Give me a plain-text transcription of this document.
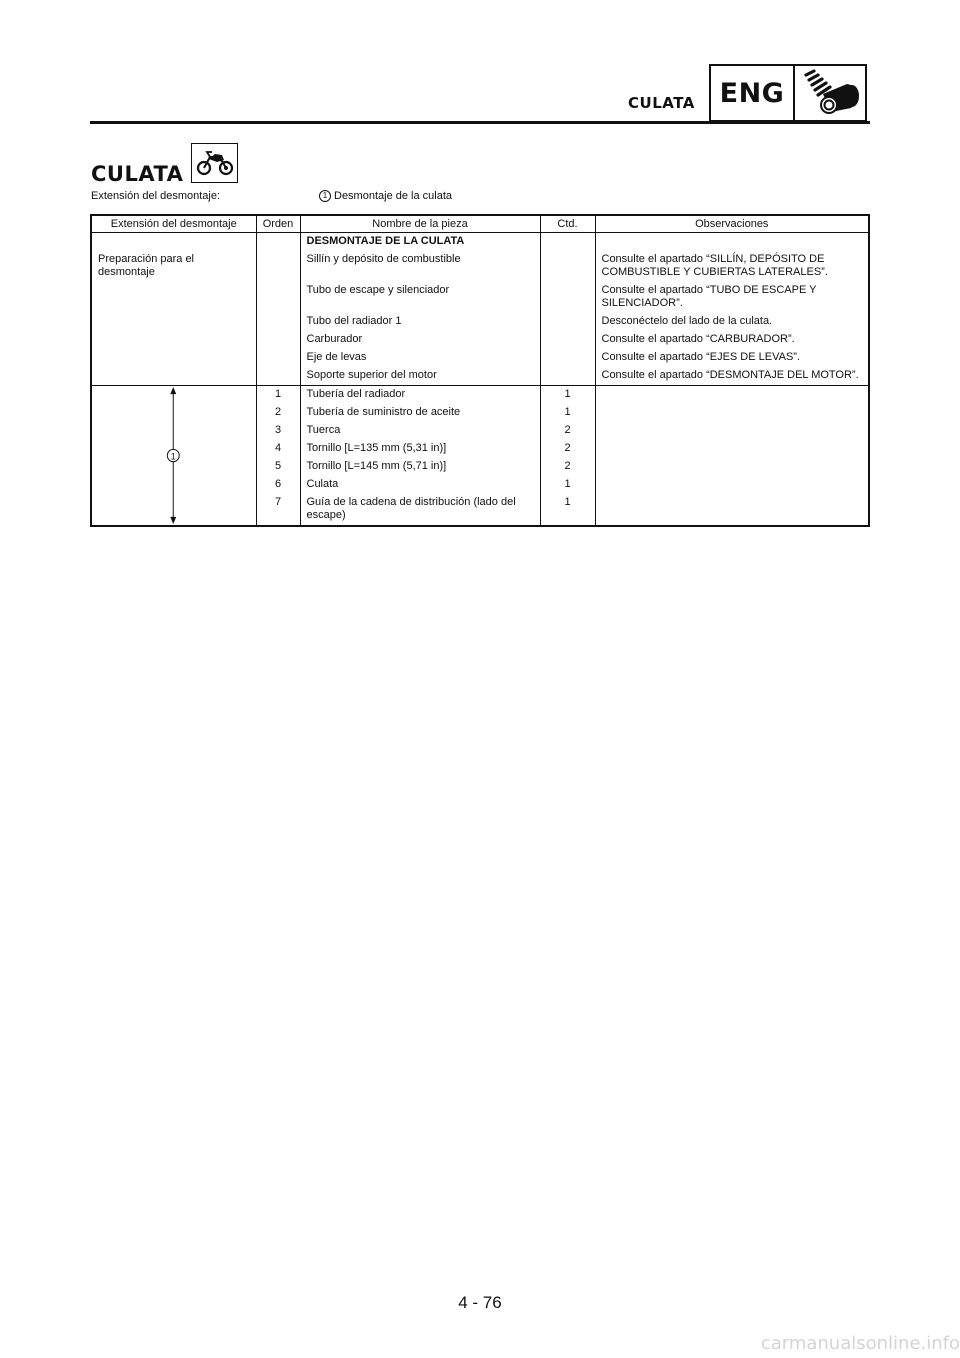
CULATA ENG
CULATA
Extensión del desmontaje:	1 Desmontaje de la culata
Extensión del desmontaje	Orden	Nombre de la pieza	Ctd.	Observaciones
		DESMONTAJE DE LA CULATA		
Preparación para el desmontaje		Sillín y depósito de combustible		Consulte el apartado “SILLÍN, DEPÓSITO DE COMBUSTIBLE Y CUBIERTAS LATERALES”.
		Tubo de escape y silenciador		Consulte el apartado “TUBO DE ESCAPE Y SILENCIADOR”.
		Tubo del radiador 1		Desconéctelo del lado de la culata.
		Carburador		Consulte el apartado “CARBURADOR”.
		Eje de levas		Consulte el apartado “EJES DE LEVAS”.
		Soporte superior del motor		Consulte el apartado “DESMONTAJE DEL MOTOR”.

1	1	Tubería del radiador	1	
	2	Tubería de suministro de aceite	1	
	3	Tuerca	2	
	4	Tornillo [L=135 mm (5,31 in)]	2	
	5	Tornillo [L=145 mm (5,71 in)]	2	
	6	Culata	1	
	7	Guía de la cadena de distribución (lado del escape)	1	
4 - 76
carmanualsonline.info
